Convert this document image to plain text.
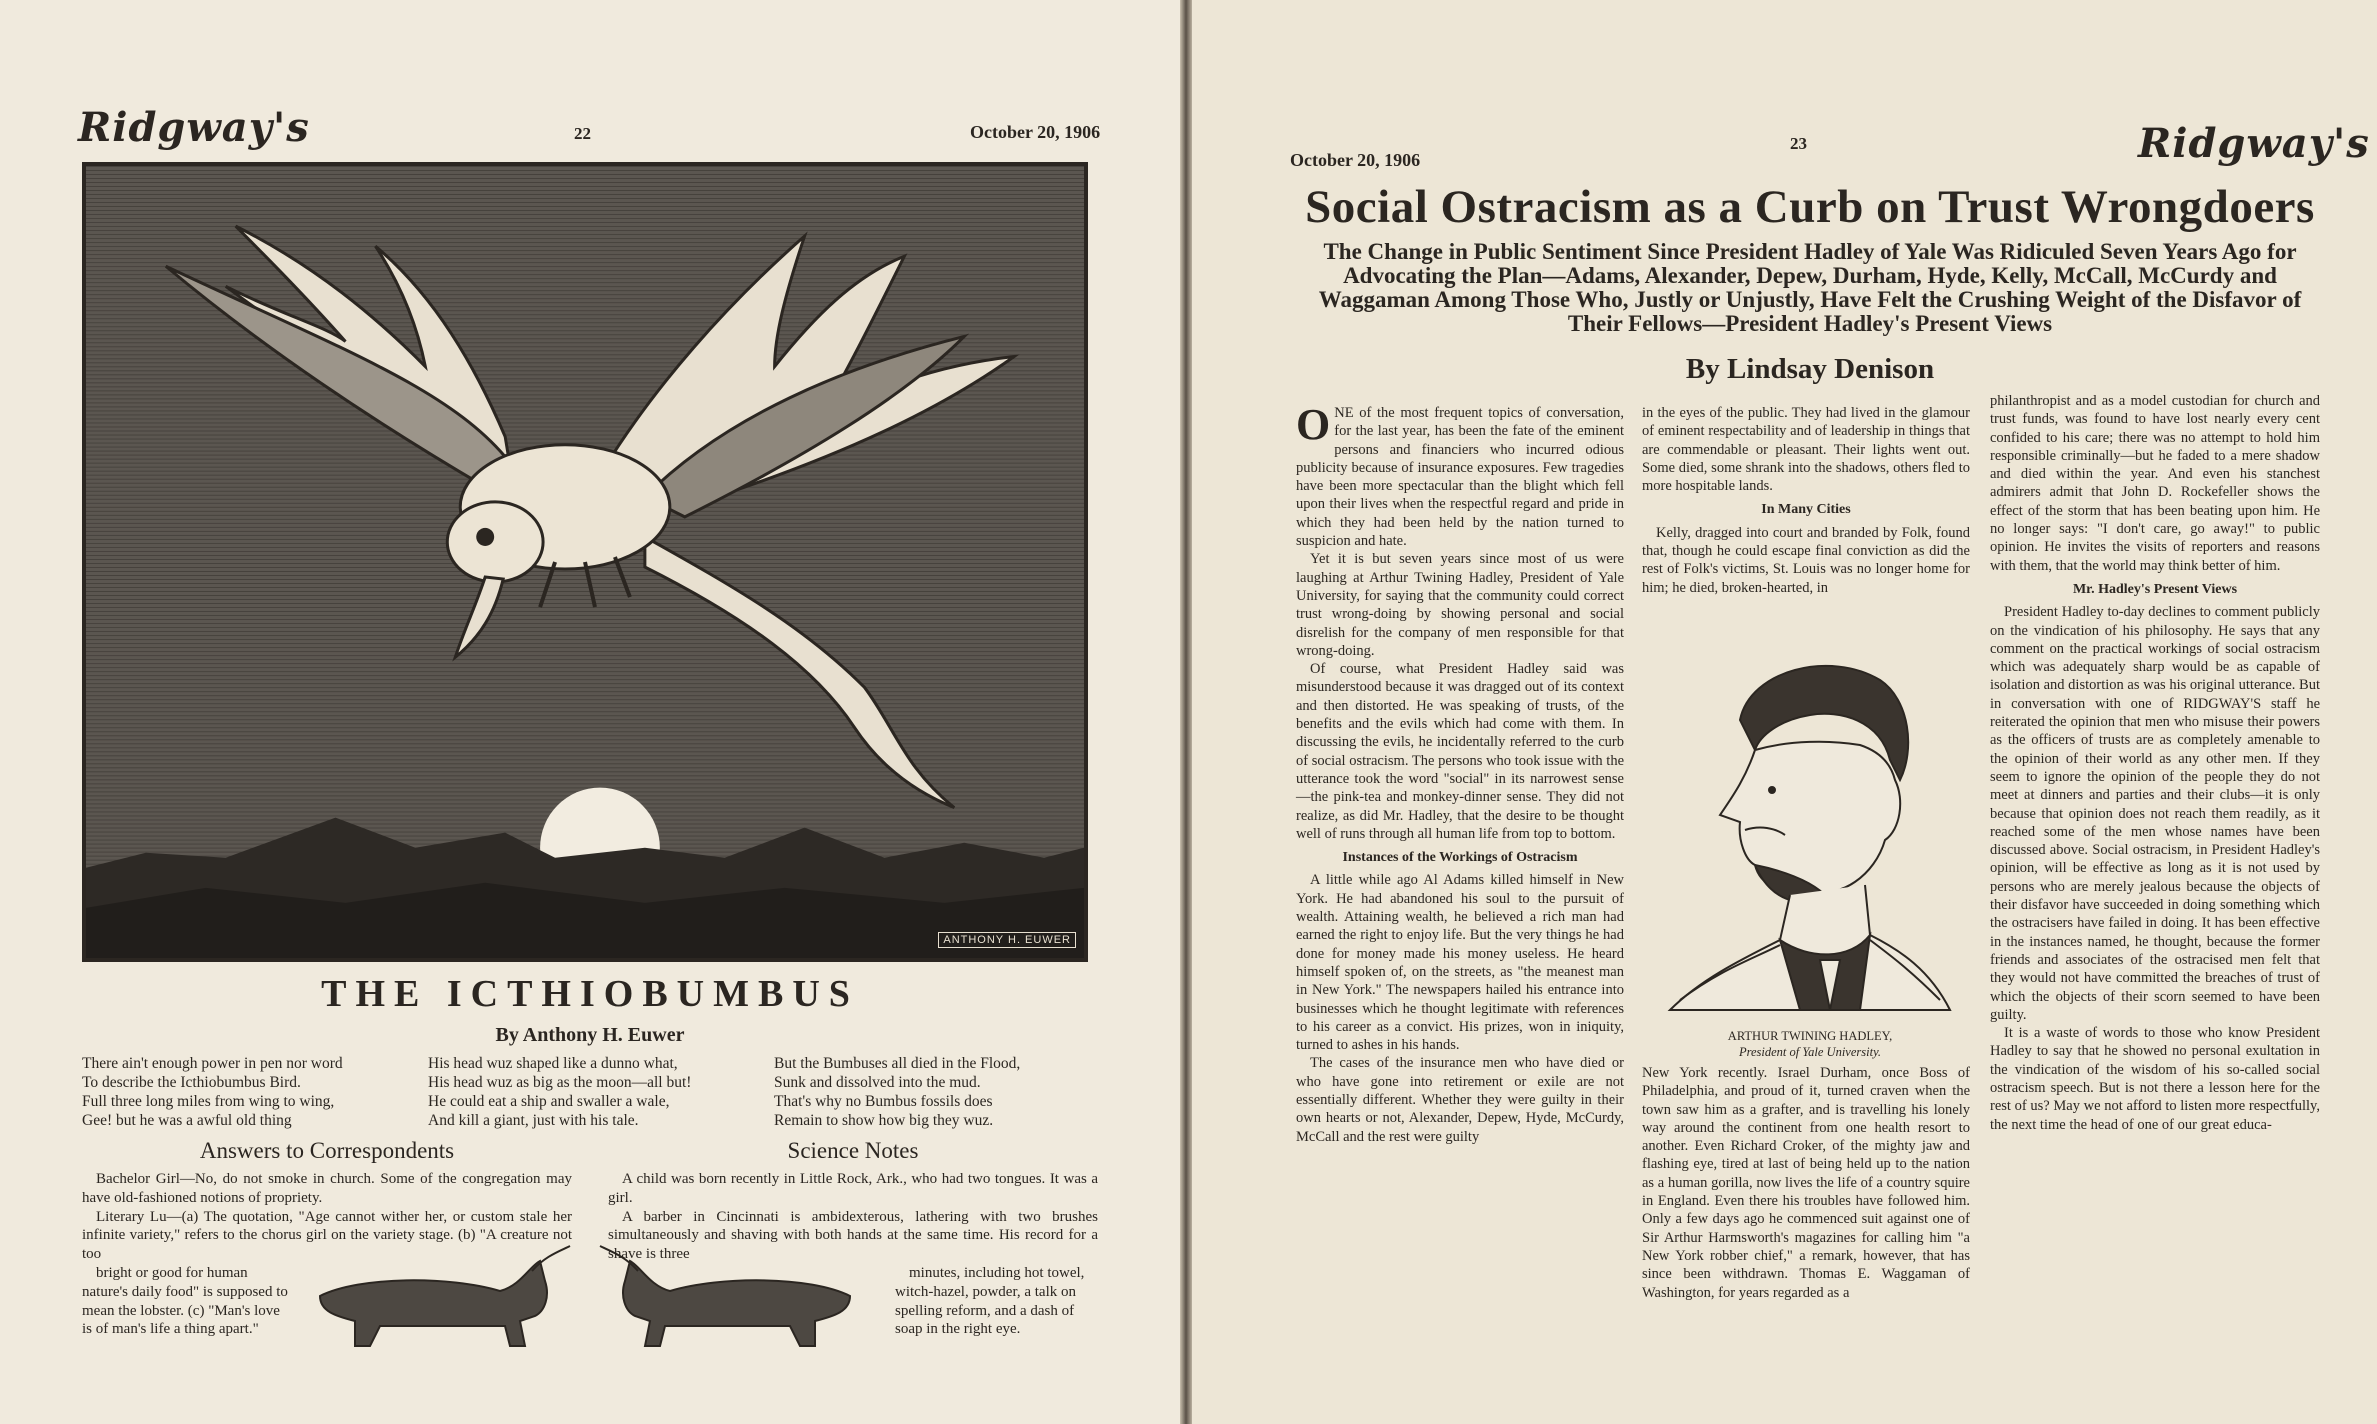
Ridgway's	22	October 20, 1906
ANTHONY H. EUWER
THE ICTHIOBUMBUS
By Anthony H. Euwer
There ain't enough power in pen nor word
To describe the Icthiobumbus Bird.
Full three long miles from wing to wing,
Gee! but he was a awful old thing
His head wuz shaped like a dunno what,
His head wuz as big as the moon—all but!
He could eat a ship and swaller a wale,
And kill a giant, just with his tale.
But the Bumbuses all died in the Flood,
Sunk and dissolved into the mud.
That's why no Bumbus fossils does
Remain to show how big they wuz.
Answers to Correspondents

Bachelor Girl—No, do not smoke in church. Some of the congregation may have old-fashioned notions of propriety.

Literary Lu—(a) The quotation, "Age cannot wither her, or custom stale her infinite variety," refers to the chorus girl on the variety stage. (b) "A creature not too

bright or good for human nature's daily food" is supposed to mean the lobster. (c) "Man's love is of man's life a thing apart."

Science Notes

A child was born recently in Little Rock, Ark., who had two tongues. It was a girl.

A barber in Cincinnati is ambidexterous, lathering with two brushes simultaneously and shaving with both hands at the same time. His record for a shave is three

minutes, including hot towel, witch-hazel, powder, a talk on spelling reform, and a dash of soap in the right eye.

October 20, 1906
23	Ridgway's
Social Ostracism as a Curb on Trust Wrongdoers
The Change in Public Sentiment Since President Hadley of Yale Was Ridiculed Seven Years Ago for Advocating the Plan—Adams, Alexander, Depew, Durham, Hyde, Kelly, McCall, McCurdy and Waggaman Among Those Who, Justly or Unjustly, Have Felt the Crushing Weight of the Disfavor of Their Fellows—President Hadley's Present Views
By Lindsay Denison

ONE of the most frequent topics of conversation, for the last year, has been the fate of the eminent persons and financiers who incurred odious publicity because of insurance exposures. Few tragedies have been more spectacular than the blight which fell upon their lives when the respectful regard and pride in which they had been held by the nation turned to suspicion and hate.

Yet it is but seven years since most of us were laughing at Arthur Twining Hadley, President of Yale University, for saying that the community could correct trust wrong-doing by showing personal and social disrelish for the company of men responsible for that wrong-doing.

Of course, what President Hadley said was misunderstood because it was dragged out of its context and then distorted. He was speaking of trusts, of the benefits and the evils which had come with them. In discussing the evils, he incidentally referred to the curb of social ostracism. The persons who took issue with the utterance took the word "social" in its narrowest sense—the pink-tea and monkey-dinner sense. They did not realize, as did Mr. Hadley, that the desire to be thought well of runs through all human life from top to bottom.

Instances of the Workings of Ostracism

A little while ago Al Adams killed himself in New York. He had abandoned his soul to the pursuit of wealth. Attaining wealth, he believed a rich man had earned the right to enjoy life. But the very things he had done for money made his money useless. He heard himself spoken of, on the streets, as "the meanest man in New York." The newspapers hailed his entrance into businesses which he thought legitimate with references to his career as a convict. His prizes, won in iniquity, turned to ashes in his hands.

The cases of the insurance men who have died or who have gone into retirement or exile are not essentially different. Whether they were guilty in their own hearts or not, Alexander, Depew, Hyde, McCurdy, McCall and the rest were guilty

in the eyes of the public. They had lived in the glamour of eminent respectability and of leadership in things that are commendable or pleasant. Their lights went out. Some died, some shrank into the shadows, others fled to more hospitable lands.

In Many Cities

Kelly, dragged into court and branded by Folk, found that, though he could escape final conviction as did the rest of Folk's victims, St. Louis was no longer home for him; he died, broken-hearted, in

ARTHUR TWINING HADLEY,
President of Yale University.

New York recently. Israel Durham, once Boss of Philadelphia, and proud of it, turned craven when the town saw him as a grafter, and is travelling his lonely way around the continent from one health resort to another. Even Richard Croker, of the mighty jaw and flashing eye, tired at last of being held up to the nation as a human gorilla, now lives the life of a country squire in England. Even there his troubles have followed him. Only a few days ago he commenced suit against one of Sir Arthur Harmsworth's magazines for calling him "a New York robber chief," a remark, however, that has since been withdrawn. Thomas E. Waggaman of Washington, for years regarded as a

philanthropist and as a model custodian for church and trust funds, was found to have lost nearly every cent confided to his care; there was no attempt to hold him responsible criminally—but he faded to a mere shadow and died within the year. And even his stanchest admirers admit that John D. Rockefeller shows the effect of the storm that has been beating upon him. He no longer says: "I don't care, go away!" to public opinion. He invites the visits of reporters and reasons with them, that the world may think better of him.

Mr. Hadley's Present Views

President Hadley to-day declines to comment publicly on the vindication of his philosophy. He says that any comment on the practical workings of social ostracism which was adequately sharp would be as capable of isolation and distortion as was his original utterance. But in conversation with one of RIDGWAY'S staff he reiterated the opinion that men who misuse their powers as the officers of trusts are as completely amenable to the opinion of their world as any other men. If they seem to ignore the opinion of the people they do not meet at dinners and parties and their clubs—it is only because that opinion does not reach them readily, as it reached some of the men whose names have been discussed above. Social ostracism, in President Hadley's opinion, will be effective as long as it is not used by persons who are merely jealous because the objects of their disfavor have succeeded in doing something which the ostracisers have failed in doing. It has been effective in the instances named, he thought, because the former friends and associates of the ostracised men felt that they would not have committed the breaches of trust of which the objects of their scorn seemed to have been guilty.

It is a waste of words to those who know President Hadley to say that he showed no personal exultation in the vindication of the wisdom of his so-called social ostracism speech. But is not there a lesson here for the rest of us? May we not afford to listen more respectfully, the next time the head of one of our great educa-
